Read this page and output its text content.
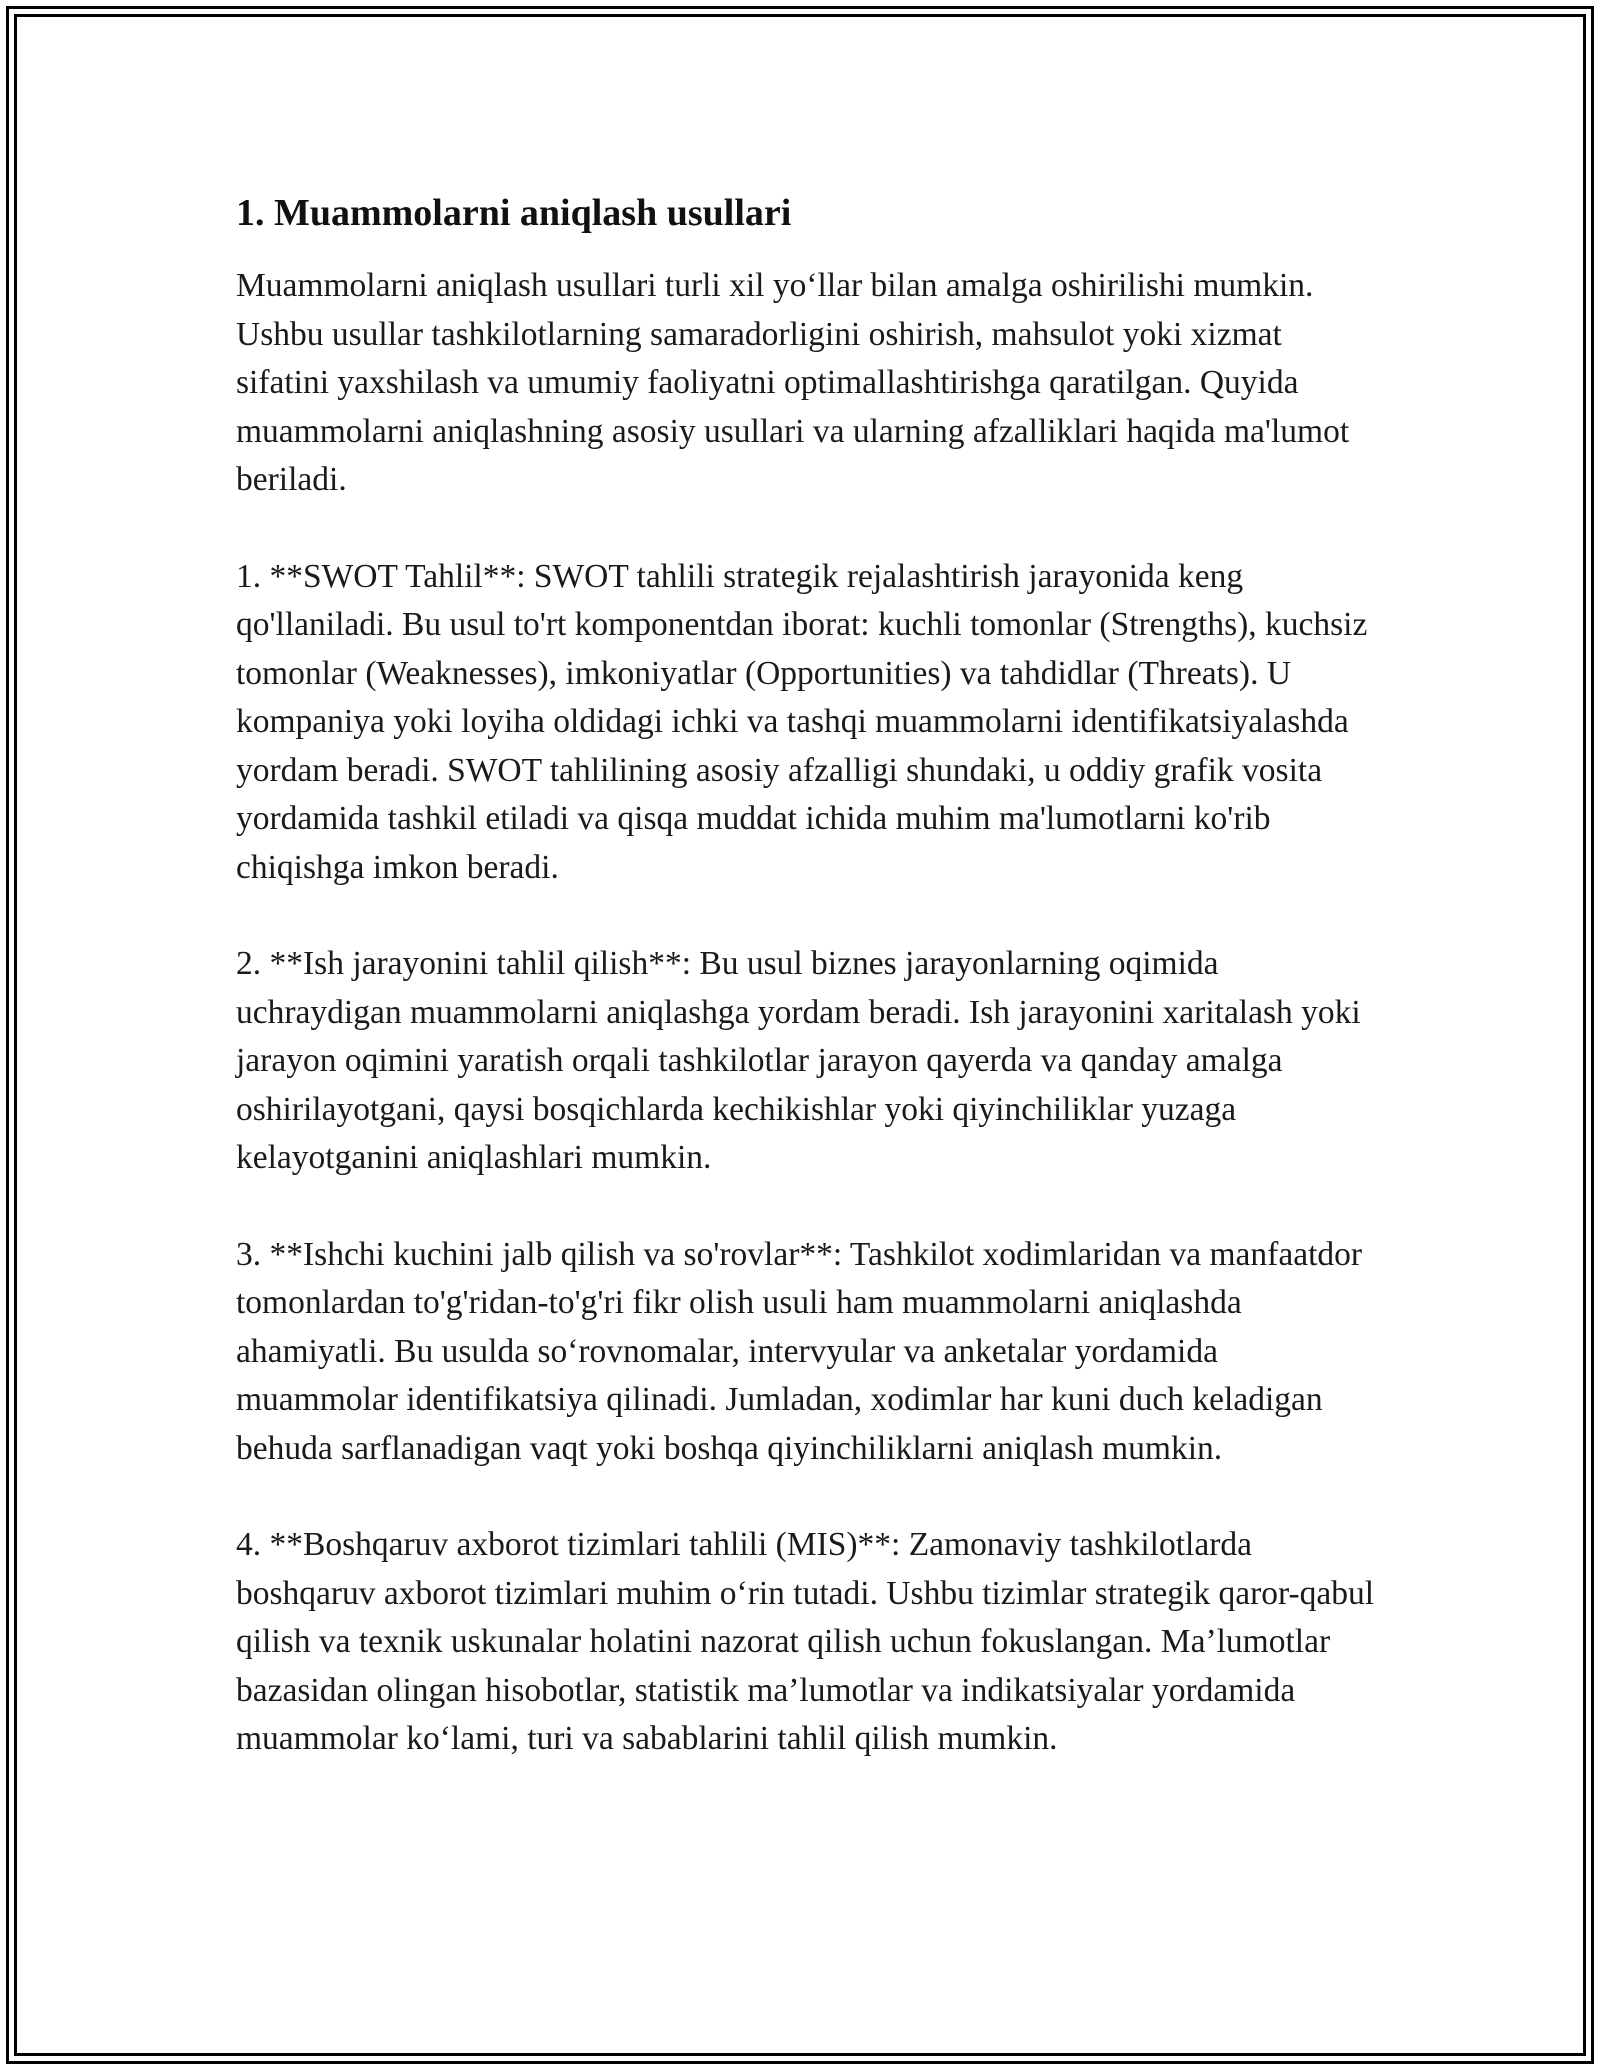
1. Muammolarni aniqlash usullari

Muammolarni aniqlash usullari turli xil yo‘llar bilan amalga oshirilishi mumkin. Ushbu usullar tashkilotlarning samaradorligini oshirish, mahsulot yoki xizmat sifatini yaxshilash va umumiy faoliyatni optimallashtirishga qaratilgan. Quyida muammolarni aniqlashning asosiy usullari va ularning afzalliklari haqida ma'lumot beriladi.

1. **SWOT Tahlil**: SWOT tahlili strategik rejalashtirish jarayonida keng qo'llaniladi. Bu usul to'rt komponentdan iborat: kuchli tomonlar (Strengths), kuchsiz tomonlar (Weaknesses), imkoniyatlar (Opportunities) va tahdidlar (Threats). U kompaniya yoki loyiha oldidagi ichki va tashqi muammolarni identifikatsiyalashda yordam beradi. SWOT tahlilining asosiy afzalligi shundaki, u oddiy grafik vosita yordamida tashkil etiladi va qisqa muddat ichida muhim ma'lumotlarni ko'rib chiqishga imkon beradi.

2. **Ish jarayonini tahlil qilish**: Bu usul biznes jarayonlarning oqimida uchraydigan muammolarni aniqlashga yordam beradi. Ish jarayonini xaritalash yoki jarayon oqimini yaratish orqali tashkilotlar jarayon qayerda va qanday amalga oshirilayotgani, qaysi bosqichlarda kechikishlar yoki qiyinchiliklar yuzaga kelayotganini aniqlashlari mumkin.

3. **Ishchi kuchini jalb qilish va so'rovlar**: Tashkilot xodimlaridan va manfaatdor tomonlardan to'g'ridan-to'g'ri fikr olish usuli ham muammolarni aniqlashda ahamiyatli. Bu usulda so‘rovnomalar, intervyular va anketalar yordamida muammolar identifikatsiya qilinadi. Jumladan, xodimlar har kuni duch keladigan behuda sarflanadigan vaqt yoki boshqa qiyinchiliklarni aniqlash mumkin.

4. **Boshqaruv axborot tizimlari tahlili (MIS)**: Zamonaviy tashkilotlarda boshqaruv axborot tizimlari muhim o‘rin tutadi. Ushbu tizimlar strategik qaror-qabul qilish va texnik uskunalar holatini nazorat qilish uchun fokuslangan. Ma’lumotlar bazasidan olingan hisobotlar, statistik ma’lumotlar va indikatsiyalar yordamida muammolar ko‘lami, turi va sabablarini tahlil qilish mumkin.
